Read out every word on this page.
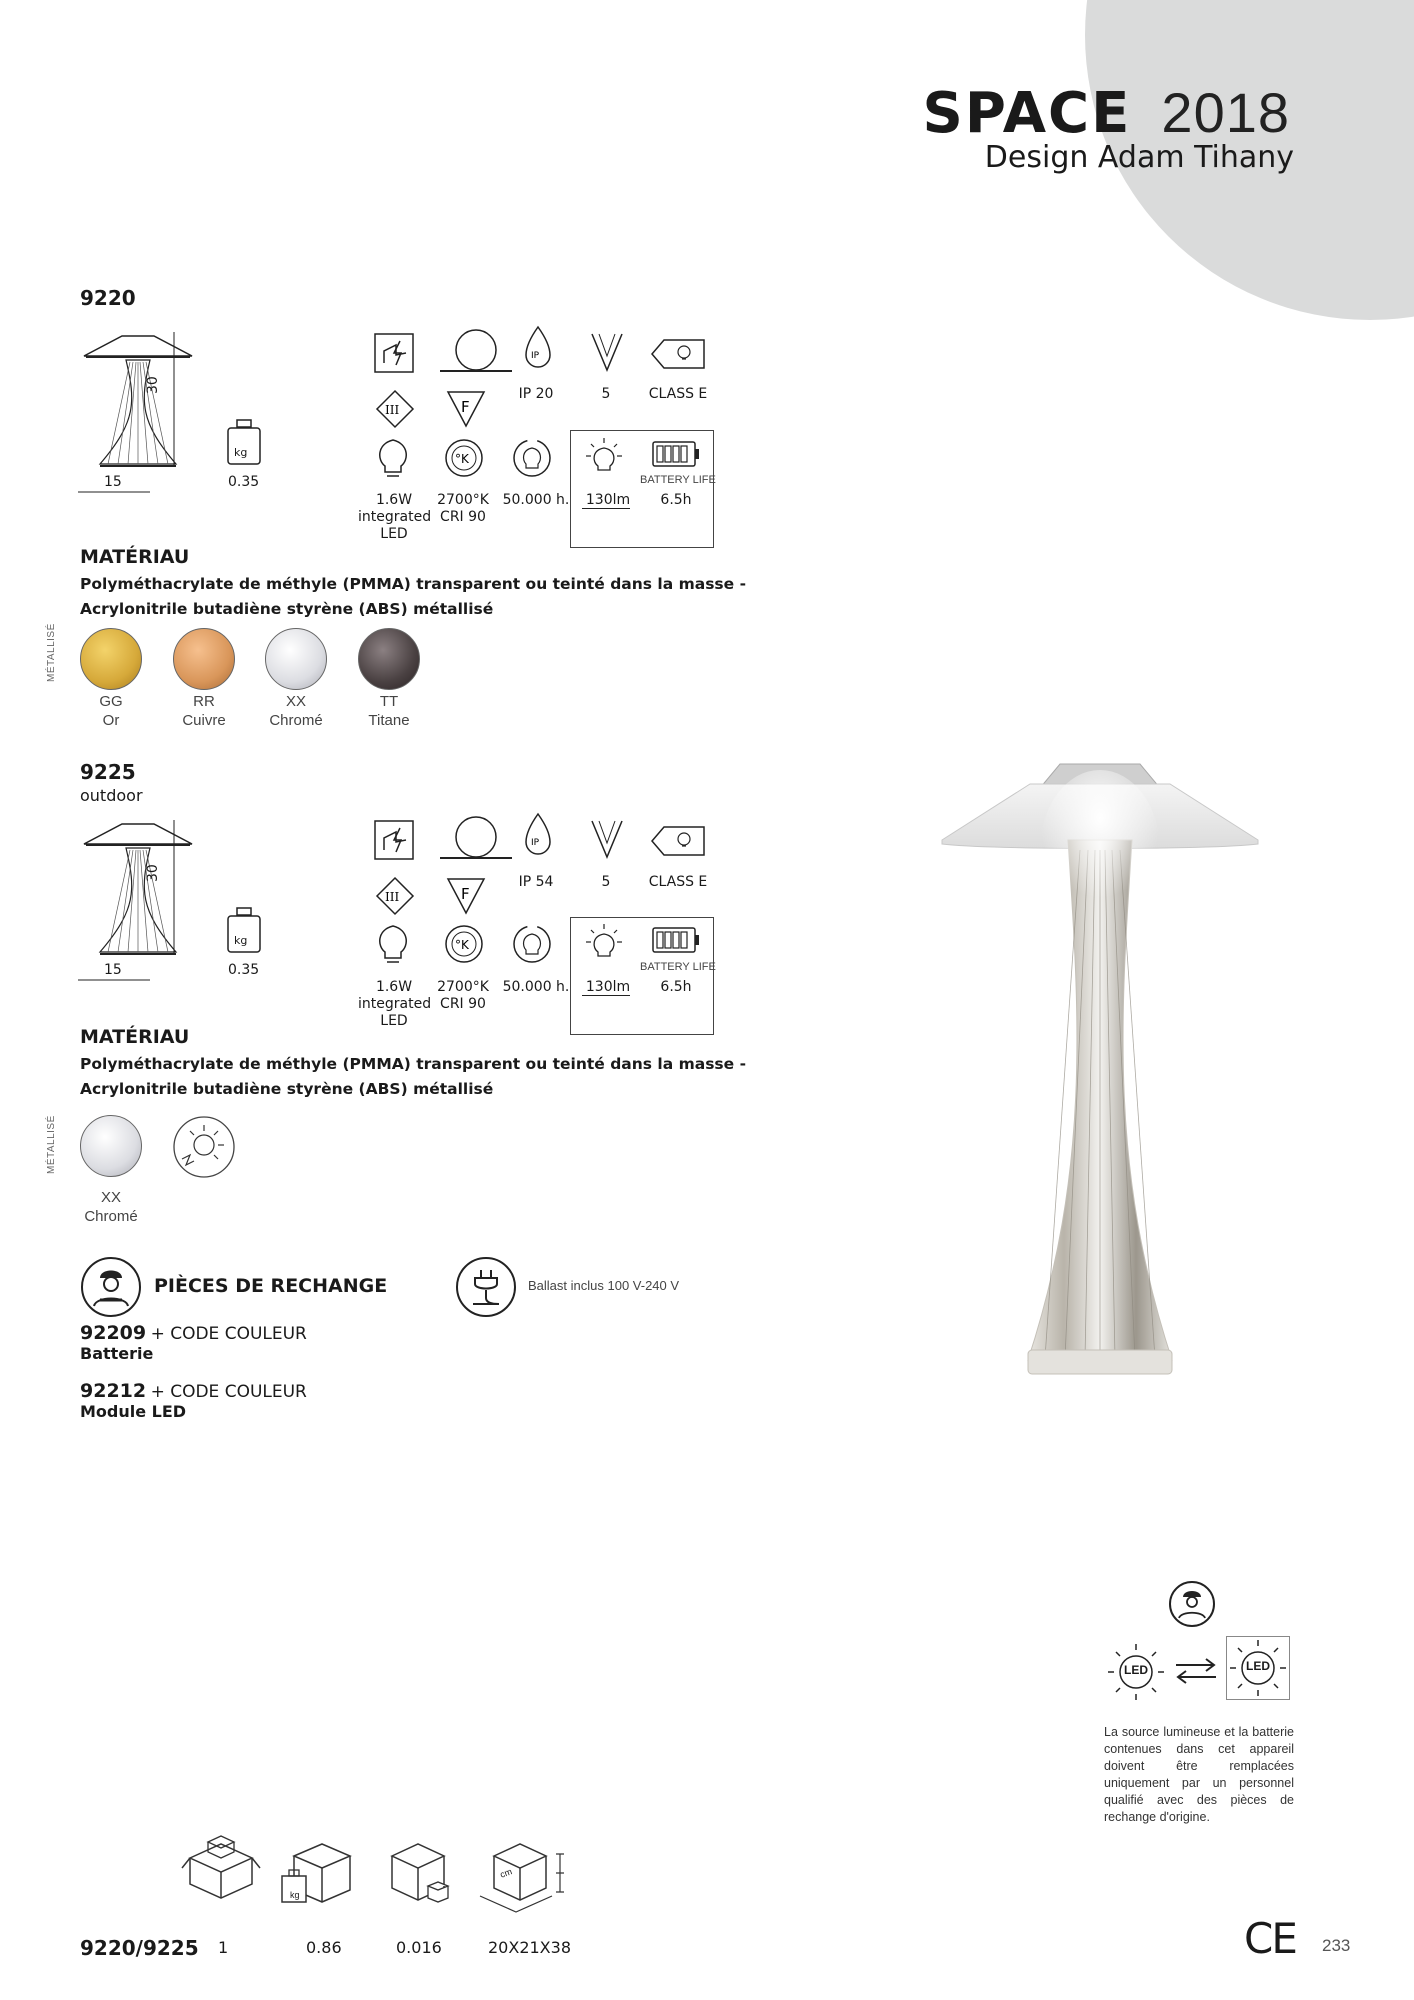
SPACE 2018
Design Adam Tihany
9220
30
15
kg
0.35
IP
IP 20	5	CLASS E
III	F
°K
BATTERY LIFE
1.6W
integrated
LED
2700°K
CRI 90
50.000 h.	130lm	6.5h
MATÉRIAU
Polyméthacrylate de méthyle (PMMA) transparent ou teinté dans la masse -
Acrylonitrile butadiène styrène (ABS) métallisé
MÉTALLISÉ
GG
Or
RR
Cuivre
XX
Chromé
TT
Titane
9225
outdoor
30
15
kg
0.35
IP
IP 54	5	CLASS E
III	F
°K
BATTERY LIFE
1.6W
integrated
LED
2700°K
CRI 90
50.000 h.	130lm	6.5h
MATÉRIAU
Polyméthacrylate de méthyle (PMMA) transparent ou teinté dans la masse -
Acrylonitrile butadiène styrène (ABS) métallisé
MÉTALLISÉ
XX
Chromé
PIÈCES DE RECHANGE	Ballast inclus 100 V-240 V
92209 + CODE COULEUR
Batterie
92212 + CODE COULEUR
Module LED
LED	LED
La source lumineuse et la batterie contenues dans cet appareil doivent être remplacées uniquement par un personnel qualifié avec des pièces de rechange d'origine.
kg
cm
9220/9225 1	0.86	0.016	20X21X38	CE 233
